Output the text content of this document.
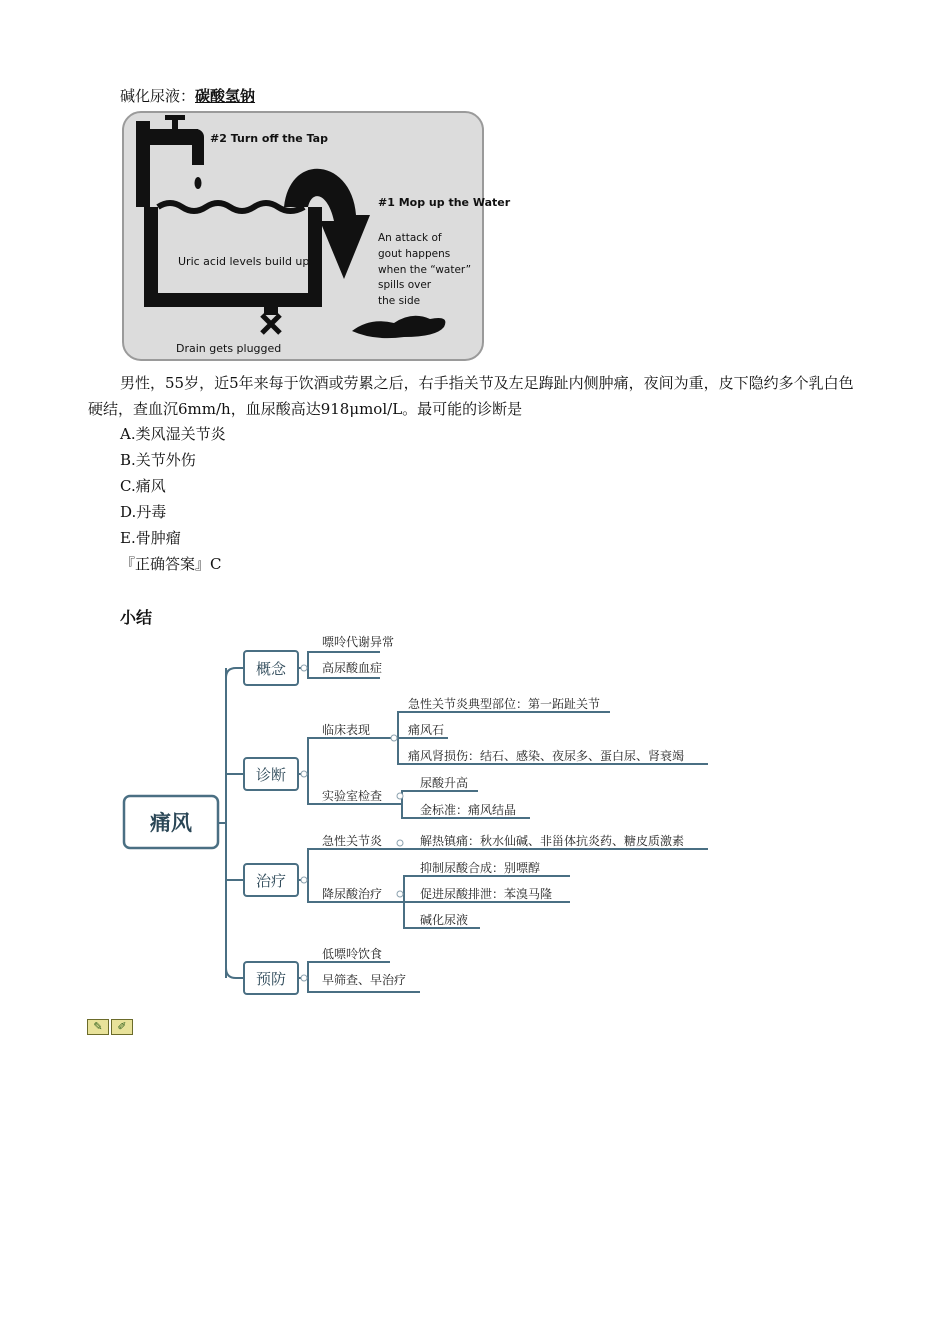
碱化尿液：碳酸氢钠
#2 Turn off the Tap
#1 Mop up the Water
Uric acid levels build up
Drain gets plugged
An attack of
gout happens
when the “water”
spills over
the side
男性，55岁，近5年来每于饮酒或劳累之后，右手指关节及左足踇趾内侧肿痛，夜间为重，皮下隐约多个乳白色硬结，查血沉6mm/h，血尿酸高达918μmol/L。最可能的诊断是
A.类风湿关节炎
B.关节外伤
C.痛风
D.丹毒
E.骨肿瘤
『正确答案』C
小结
痛风
概念
诊断
治疗
预防
嘌呤代谢异常
高尿酸血症
临床表现
急性关节炎典型部位：第一跖趾关节
痛风石
痛风肾损伤：结石、感染、夜尿多、蛋白尿、肾衰竭
实验室检查
尿酸升高
金标准：痛风结晶
急性关节炎	解热镇痛：秋水仙碱、非甾体抗炎药、糖皮质激素
降尿酸治疗
抑制尿酸合成：别嘌醇
促进尿酸排泄：苯溴马隆
碱化尿液
低嘌呤饮食
早筛查、早治疗
✎	✐
